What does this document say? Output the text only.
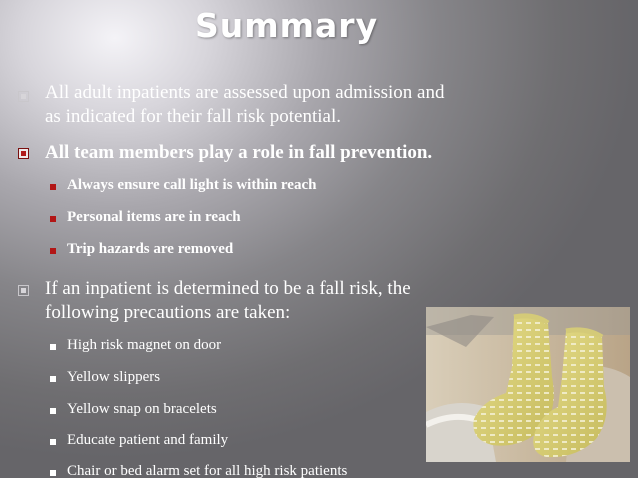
Summary
All adult inpatients are assessed upon admission and
as indicated for their fall risk potential.
All team members play a role in fall prevention.
Always ensure call light is within reach
Personal items are in reach
Trip hazards are removed
If an inpatient is determined to be a fall risk, the
following precautions are taken:
High risk magnet on door
Yellow slippers
Yellow snap on bracelets
Educate patient and family
Chair or bed alarm set for all high risk patients
